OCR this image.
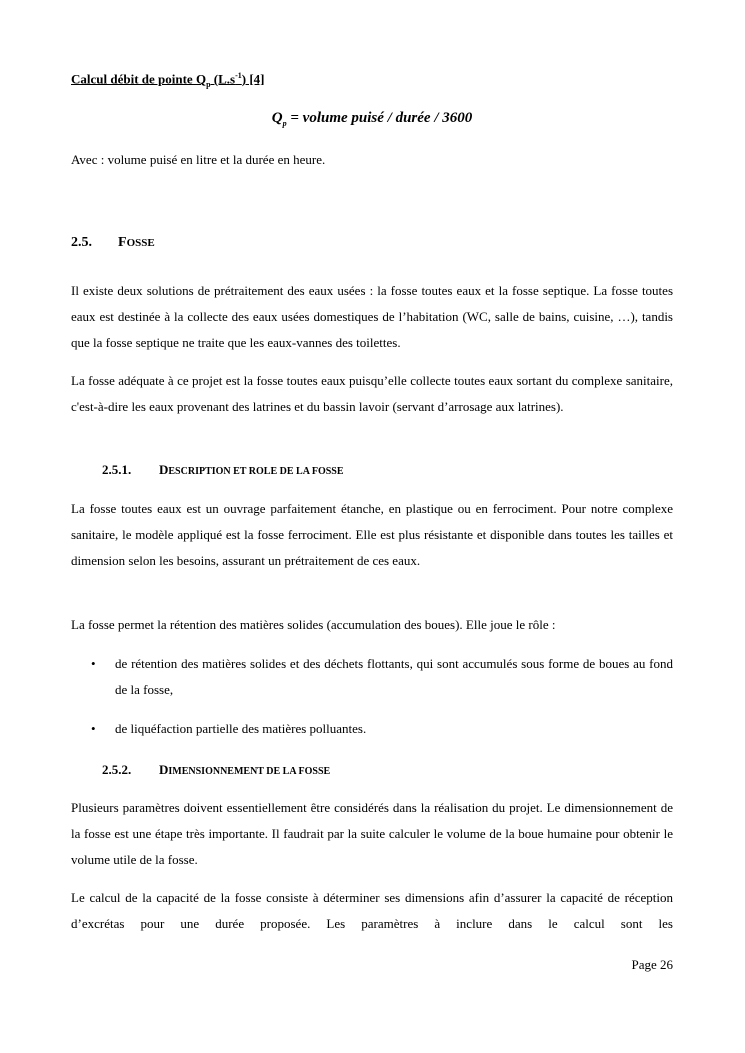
Calcul débit de pointe $Q_p$ $(L.s^{-1})$ [4]
$Q_p$ = volume puisé / durée / 3600
Avec : volume puisé en litre et la durée en heure.
2.5. FOSSE
Il existe deux solutions de prétraitement des eaux usées : la fosse toutes eaux et la fosse septique. La fosse toutes eaux est destinée à la collecte des eaux usées domestiques de l’habitation (WC, salle de bains, cuisine, …), tandis que la fosse septique ne traite que les eaux-vannes des toilettes.
La fosse adéquate à ce projet est la fosse toutes eaux puisqu’elle collecte toutes eaux sortant du complexe sanitaire, c'est-à-dire les eaux provenant des latrines et du bassin lavoir (servant d’arrosage aux latrines).
2.5.1. DESCRIPTION ET ROLE DE LA FOSSE
La fosse toutes eaux est un ouvrage parfaitement étanche, en plastique ou en ferrociment. Pour notre complexe sanitaire, le modèle appliqué est la fosse ferrociment. Elle est plus résistante et disponible dans toutes les tailles et dimension selon les besoins, assurant un prétraitement de ces eaux.
La fosse permet la rétention des matières solides (accumulation des boues). Elle joue le rôle :
•	de rétention des matières solides et des déchets flottants, qui sont accumulés sous forme de boues au fond de la fosse,
•	de liquéfaction partielle des matières polluantes.
2.5.2. DIMENSIONNEMENT DE LA FOSSE
Plusieurs paramètres doivent essentiellement être considérés dans la réalisation du projet. Le dimensionnement de la fosse est une étape très importante. Il faudrait par la suite calculer le volume de la boue humaine pour obtenir le volume utile de la fosse.
Le calcul de la capacité de la fosse consiste à déterminer ses dimensions afin d’assurer la capacité de réception d’excrétas pour une durée proposée. Les paramètres à inclure dans le calcul sont les
Page 26
